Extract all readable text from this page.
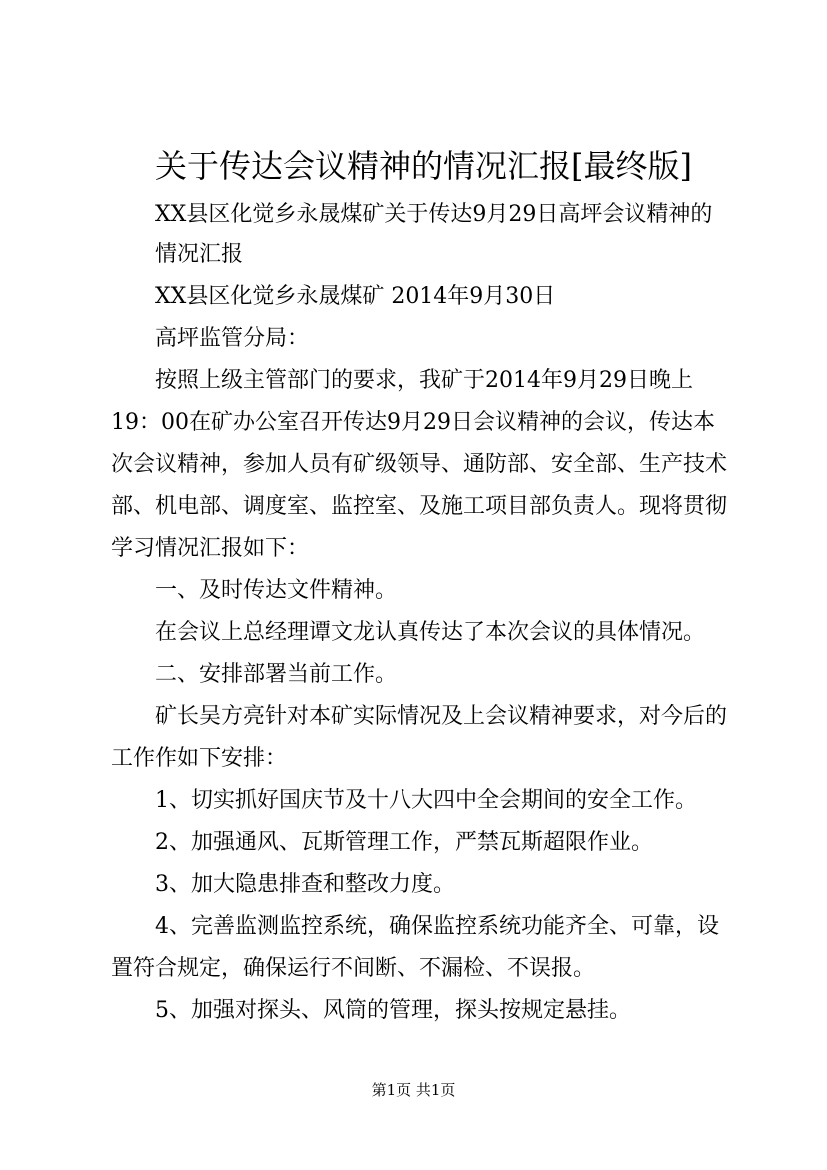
关于传达会议精神的情况汇报[最终版]
XX县区化觉乡永晟煤矿关于传达9月29日高坪会议精神的
情况汇报
XX县区化觉乡永晟煤矿 2014年9月30日
高坪监管分局：
按照上级主管部门的要求，我矿于2014年9月29日晚上
19：00在矿办公室召开传达9月29日会议精神的会议，传达本
次会议精神，参加人员有矿级领导、通防部、安全部、生产技术
部、机电部、调度室、监控室、及施工项目部负责人。现将贯彻
学习情况汇报如下：
一、及时传达文件精神。
在会议上总经理谭文龙认真传达了本次会议的具体情况。
二、安排部署当前工作。
矿长吴方亮针对本矿实际情况及上会议精神要求，对今后的
工作作如下安排：
1、切实抓好国庆节及十八大四中全会期间的安全工作。
2、加强通风、瓦斯管理工作，严禁瓦斯超限作业。
3、加大隐患排查和整改力度。
4、完善监测监控系统，确保监控系统功能齐全、可靠，设
置符合规定，确保运行不间断、不漏检、不误报。
5、加强对探头、风筒的管理，探头按规定悬挂。
第1页 共1页
